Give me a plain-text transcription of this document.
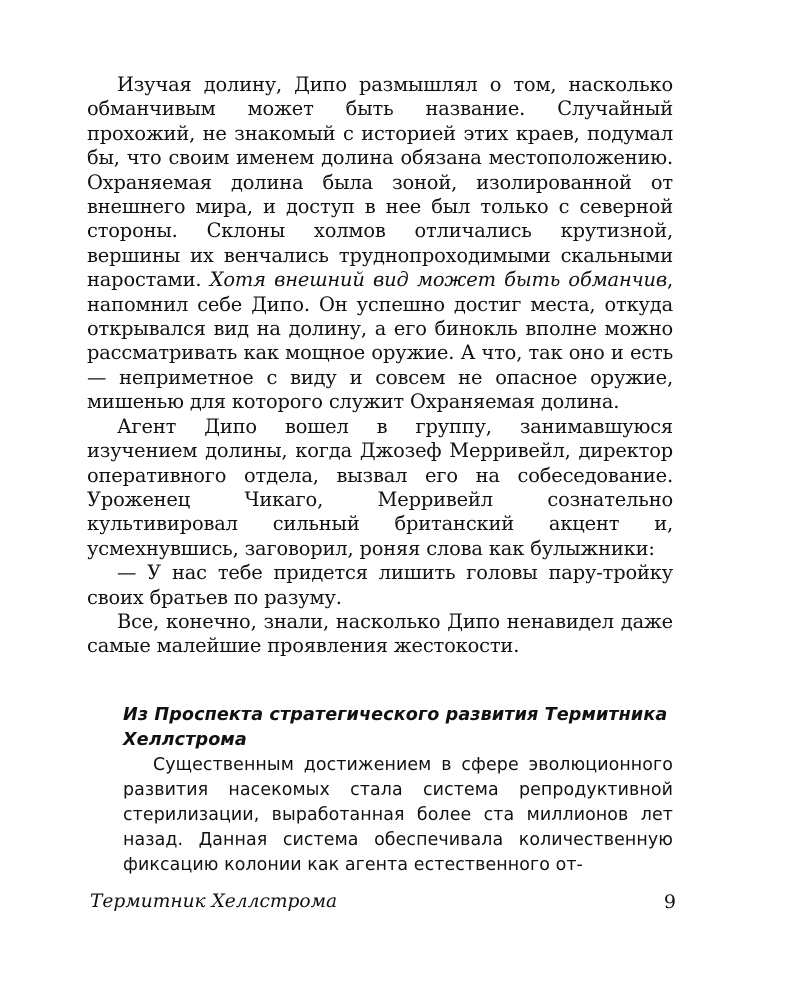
Изучая долину, Дипо размышлял о том, насколько обманчивым может быть название. Случайный прохожий, не знакомый с историей этих краев, подумал бы, что своим именем долина обязана местоположению. Охраняемая долина была зоной, изолированной от внешнего мира, и доступ в нее был только с северной стороны. Склоны холмов отличались крутизной, вершины их венчались труднопроходимыми скальными наростами. Хотя внешний вид может быть обманчив, напомнил себе Дипо. Он успешно достиг места, откуда открывался вид на долину, а его бинокль вполне можно рассматривать как мощное оружие. А что, так оно и есть — неприметное с виду и совсем не опасное оружие, мишенью для которого служит Охраняемая долина.

Агент Дипо вошел в группу, занимавшуюся изучением долины, когда Джозеф Мерривейл, директор оперативного отдела, вызвал его на собеседование. Уроженец Чикаго, Мерривейл сознательно культивировал сильный британский акцент и, усмехнувшись, заговорил, роняя слова как булыжники:

— У нас тебе придется лишить головы пару-тройку своих братьев по разуму.

Все, конечно, знали, насколько Дипо ненавидел даже самые малейшие проявления жестокости.

Из Проспекта стратегического развития Термитника Хеллстрома

Существенным достижением в сфере эволюционного развития насекомых стала система репродуктивной стерилизации, выработанная более ста миллионов лет назад. Данная система обеспечивала количественную фиксацию колонии как агента естественного от-

Термитник Хеллстрома	9
